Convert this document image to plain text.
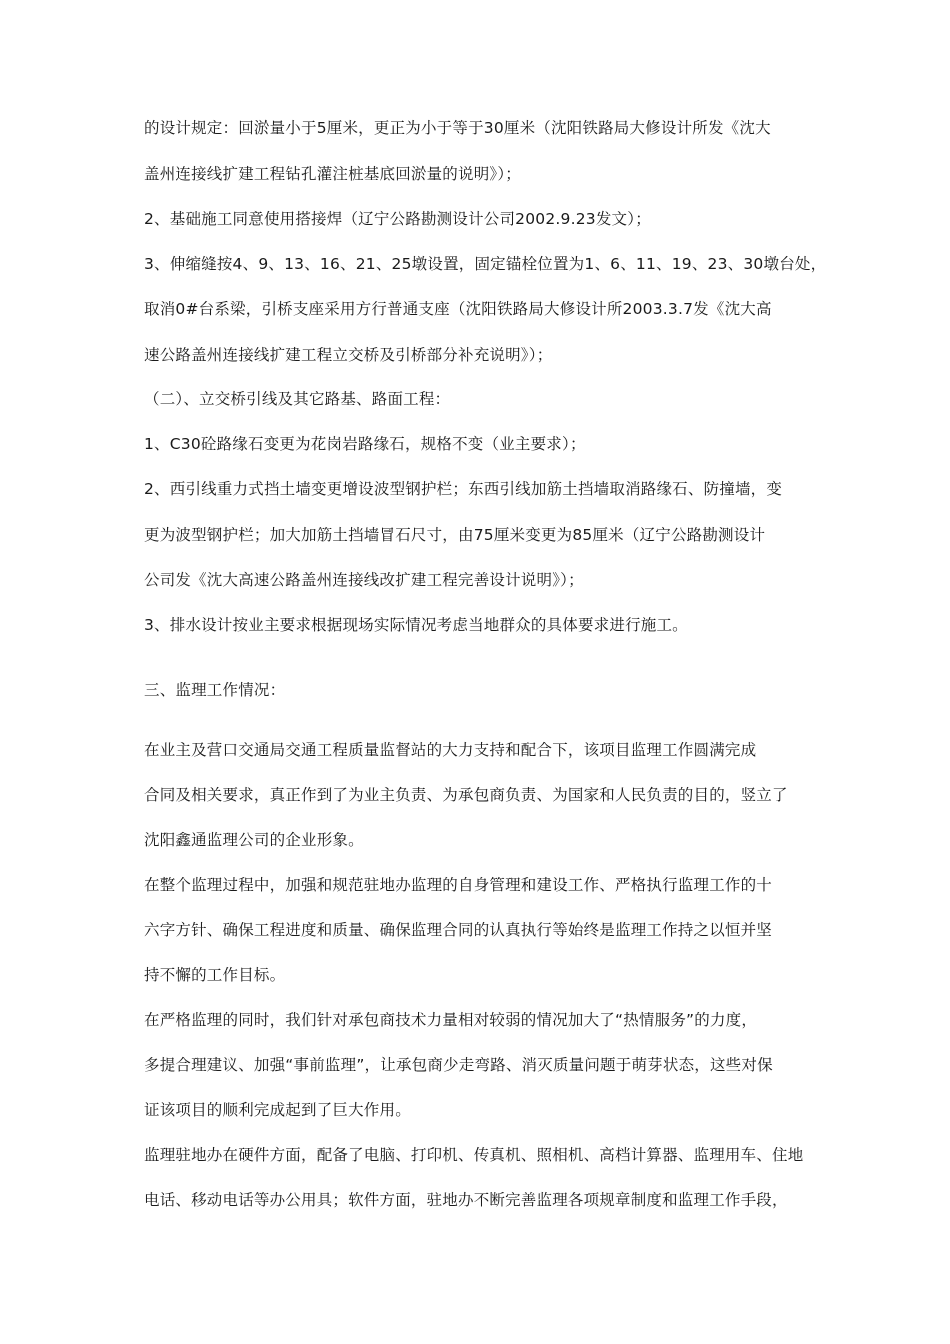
的设计规定：回淤量小于5厘米，更正为小于等于30厘米（沈阳铁路局大修设计所发《沈大
盖州连接线扩建工程钻孔灌注桩基底回淤量的说明》）；
2、基础施工同意使用搭接焊（辽宁公路勘测设计公司2002.9.23发文）；
3、伸缩缝按4、9、13、16、21、25墩设置，固定锚栓位置为1、6、11、19、23、30墩台处，
取消0#台系梁，引桥支座采用方行普通支座（沈阳铁路局大修设计所2003.3.7发《沈大高
速公路盖州连接线扩建工程立交桥及引桥部分补充说明》）；
（二）、立交桥引线及其它路基、路面工程：
1、C30砼路缘石变更为花岗岩路缘石，规格不变（业主要求）；
2、西引线重力式挡土墙变更增设波型钢护栏；东西引线加筋土挡墙取消路缘石、防撞墙，变
更为波型钢护栏；加大加筋土挡墙冒石尺寸，由75厘米变更为85厘米（辽宁公路勘测设计
公司发《沈大高速公路盖州连接线改扩建工程完善设计说明》）；
3、排水设计按业主要求根据现场实际情况考虑当地群众的具体要求进行施工。
三、监理工作情况：
在业主及营口交通局交通工程质量监督站的大力支持和配合下，该项目监理工作圆满完成
合同及相关要求，真正作到了为业主负责、为承包商负责、为国家和人民负责的目的，竖立了
沈阳鑫通监理公司的企业形象。
在整个监理过程中，加强和规范驻地办监理的自身管理和建设工作、严格执行监理工作的十
六字方针、确保工程进度和质量、确保监理合同的认真执行等始终是监理工作持之以恒并坚
持不懈的工作目标。
在严格监理的同时，我们针对承包商技术力量相对较弱的情况加大了“热情服务”的力度，
多提合理建议、加强“事前监理”，让承包商少走弯路、消灭质量问题于萌芽状态，这些对保
证该项目的顺利完成起到了巨大作用。
监理驻地办在硬件方面，配备了电脑、打印机、传真机、照相机、高档计算器、监理用车、住地
电话、移动电话等办公用具；软件方面，驻地办不断完善监理各项规章制度和监理工作手段，
